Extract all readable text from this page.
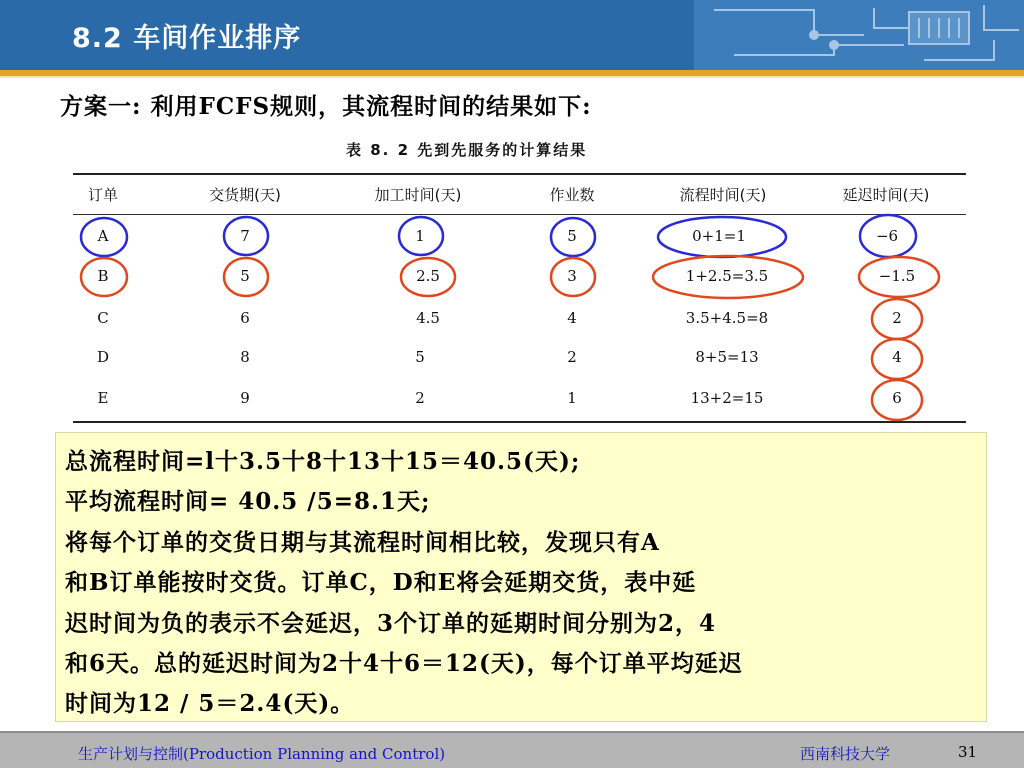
8.2 车间作业排序
方案一: 利用FCFS规则，其流程时间的结果如下:
表 8. 2 先到先服务的计算结果
订单	交货期(天)	加工时间(天)	作业数	流程时间(天)	延迟时间(天)
A	7	1	5	0+1=1	−6
B	5	2.5	3	1+2.5=3.5	−1.5
C	6	4.5	4	3.5+4.5=8	2
D	8	5	2	8+5=13	4
E	9	2	1	13+2=15	6
总流程时间=l十3.5十8十13十15＝40.5(天);
平均流程时间= 40.5 /5=8.1天;
将每个订单的交货日期与其流程时间相比较，发现只有A
和B订单能按时交货。订单C，D和E将会延期交货，表中延
迟时间为负的表示不会延迟，3个订单的延期时间分别为2，4
和6天。总的延迟时间为2十4十6＝12(天)，每个订单平均延迟
时间为12 / 5＝2.4(天)。
生产计划与控制(Production Planning and Control)	西南科技大学	31
